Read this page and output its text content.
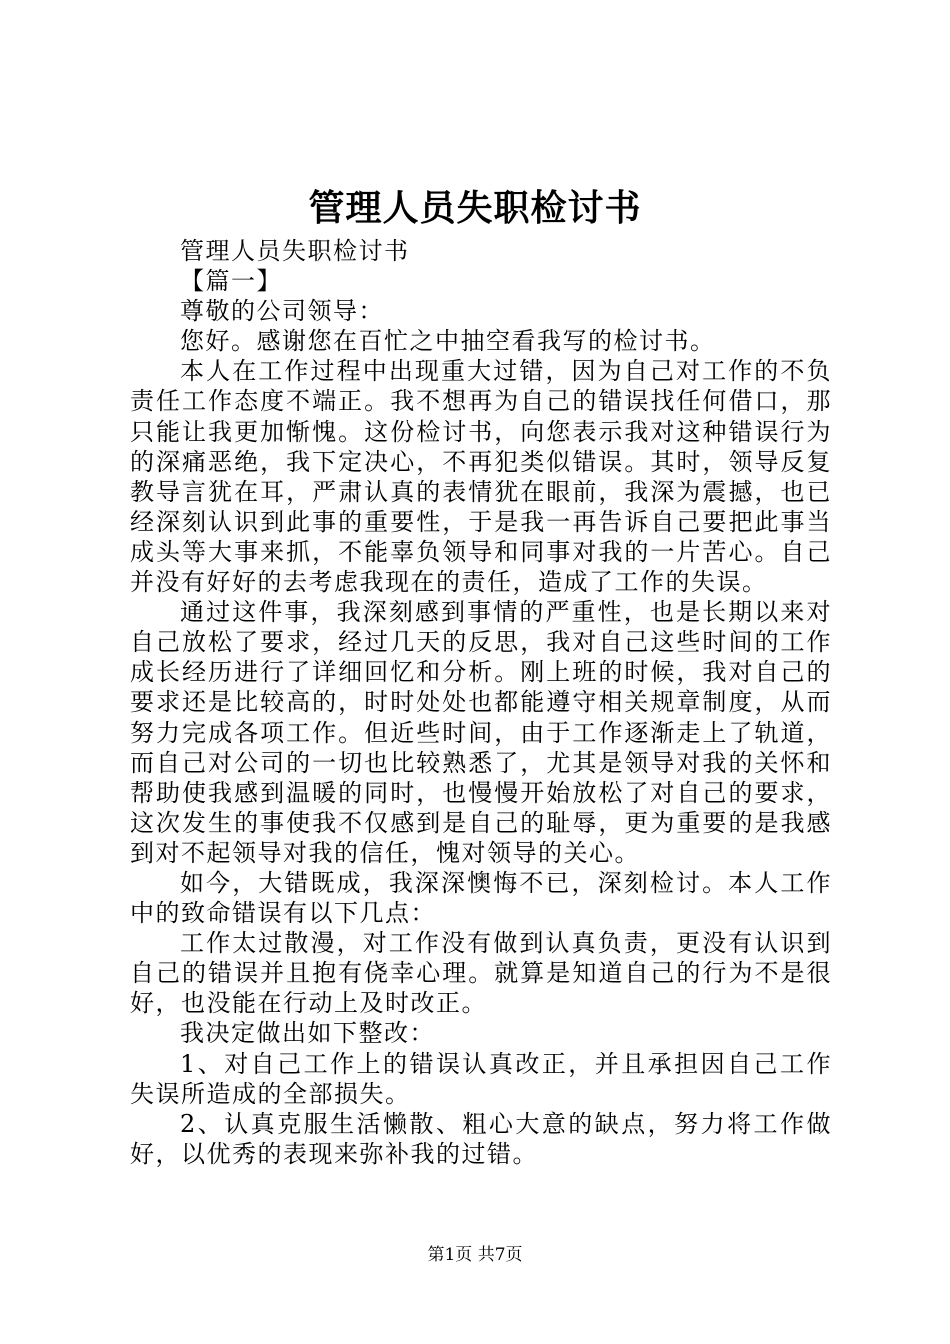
管理人员失职检讨书

管理人员失职检讨书

【篇一】

尊敬的公司领导：

您好。感谢您在百忙之中抽空看我写的检讨书。

本人在工作过程中出现重大过错，因为自己对工作的不负责任工作态度不端正。我不想再为自己的错误找任何借口，那只能让我更加惭愧。这份检讨书，向您表示我对这种错误行为的深痛恶绝，我下定决心，不再犯类似错误。其时，领导反复教导言犹在耳，严肃认真的表情犹在眼前，我深为震撼，也已经深刻认识到此事的重要性，于是我一再告诉自己要把此事当成头等大事来抓，不能辜负领导和同事对我的一片苦心。自己并没有好好的去考虑我现在的责任，造成了工作的失误。

通过这件事，我深刻感到事情的严重性，也是长期以来对自己放松了要求，经过几天的反思，我对自己这些时间的工作成长经历进行了详细回忆和分析。刚上班的时候，我对自己的要求还是比较高的，时时处处也都能遵守相关规章制度，从而努力完成各项工作。但近些时间，由于工作逐渐走上了轨道，而自己对公司的一切也比较熟悉了，尤其是领导对我的关怀和帮助使我感到温暖的同时，也慢慢开始放松了对自己的要求，这次发生的事使我不仅感到是自己的耻辱，更为重要的是我感到对不起领导对我的信任，愧对领导的关心。

如今，大错既成，我深深懊悔不已，深刻检讨。本人工作中的致命错误有以下几点：

工作太过散漫，对工作没有做到认真负责，更没有认识到自己的错误并且抱有侥幸心理。就算是知道自己的行为不是很好，也没能在行动上及时改正。

我决定做出如下整改：

1、对自己工作上的错误认真改正，并且承担因自己工作失误所造成的全部损失。

2、认真克服生活懒散、粗心大意的缺点，努力将工作做好，以优秀的表现来弥补我的过错。

第1页 共7页
